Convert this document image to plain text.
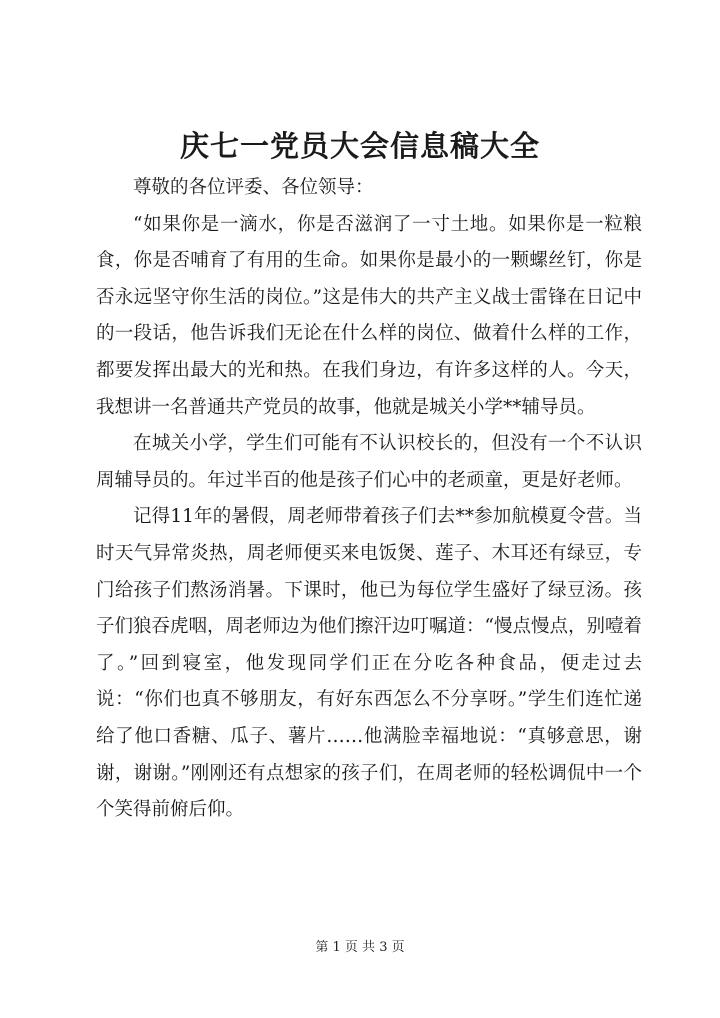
庆七一党员大会信息稿大全

尊敬的各位评委、各位领导：

“如果你是一滴水，你是否滋润了一寸土地。如果你是一粒粮食，你是否哺育了有用的生命。如果你是最小的一颗螺丝钉，你是否永远坚守你生活的岗位。”这是伟大的共产主义战士雷锋在日记中的一段话，他告诉我们无论在什么样的岗位、做着什么样的工作，都要发挥出最大的光和热。在我们身边，有许多这样的人。今天，我想讲一名普通共产党员的故事，他就是城关小学**辅导员。

在城关小学，学生们可能有不认识校长的，但没有一个不认识周辅导员的。年过半百的他是孩子们心中的老顽童，更是好老师。

记得11年的暑假，周老师带着孩子们去**参加航模夏令营。当时天气异常炎热，周老师便买来电饭煲、莲子、木耳还有绿豆，专门给孩子们熬汤消暑。下课时，他已为每位学生盛好了绿豆汤。孩子们狼吞虎咽，周老师边为他们擦汗边叮嘱道：“慢点慢点，别噎着了。”回到寝室，他发现同学们正在分吃各种食品，便走过去说：“你们也真不够朋友，有好东西怎么不分享呀。”学生们连忙递给了他口香糖、瓜子、薯片……他满脸幸福地说：“真够意思，谢谢，谢谢。”刚刚还有点想家的孩子们，在周老师的轻松调侃中一个个笑得前俯后仰。

第 1 页 共 3 页
